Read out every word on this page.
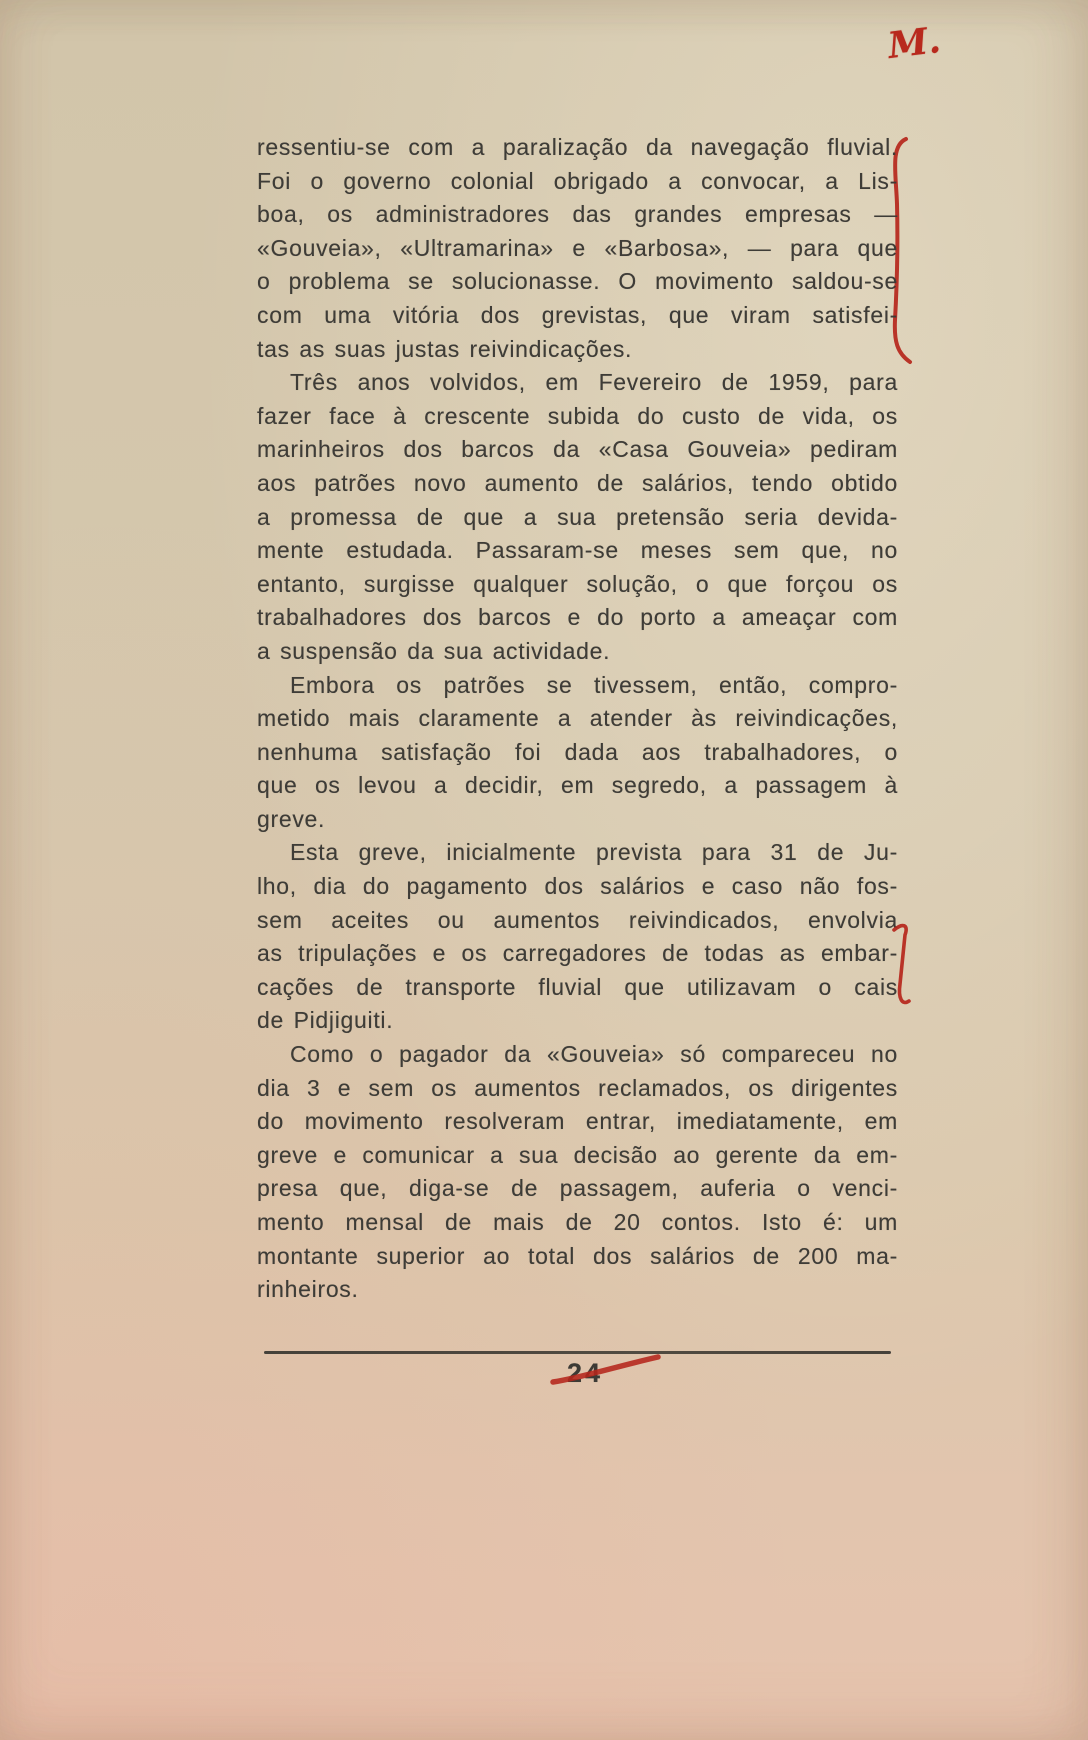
M.
ressentiu-se com a paralização da navegação fluvial.
Foi o governo colonial obrigado a convocar, a Lis-
boa, os administradores das grandes empresas —
«Gouveia», «Ultramarina» e «Barbosa», — para que
o problema se solucionasse. O movimento saldou-se
com uma vitória dos grevistas, que viram satisfei-
tas as suas justas reivindicações.
Três anos volvidos, em Fevereiro de 1959, para
fazer face à crescente subida do custo de vida, os
marinheiros dos barcos da «Casa Gouveia» pediram
aos patrões novo aumento de salários, tendo obtido
a promessa de que a sua pretensão seria devida-
mente estudada. Passaram-se meses sem que, no
entanto, surgisse qualquer solução, o que forçou os
trabalhadores dos barcos e do porto a ameaçar com
a suspensão da sua actividade.
Embora os patrões se tivessem, então, compro-
metido mais claramente a atender às reivindicações,
nenhuma satisfação foi dada aos trabalhadores, o
que os levou a decidir, em segredo, a passagem à
greve.
Esta greve, inicialmente prevista para 31 de Ju-
lho, dia do pagamento dos salários e caso não fos-
sem aceites ou aumentos reivindicados, envolvia
as tripulações e os carregadores de todas as embar-
cações de transporte fluvial que utilizavam o cais
de Pidjiguiti.
Como o pagador da «Gouveia» só compareceu no
dia 3 e sem os aumentos reclamados, os dirigentes
do movimento resolveram entrar, imediatamente, em
greve e comunicar a sua decisão ao gerente da em-
presa que, diga-se de passagem, auferia o venci-
mento mensal de mais de 20 contos. Isto é: um
montante superior ao total dos salários de 200 ma-
rinheiros.
24
